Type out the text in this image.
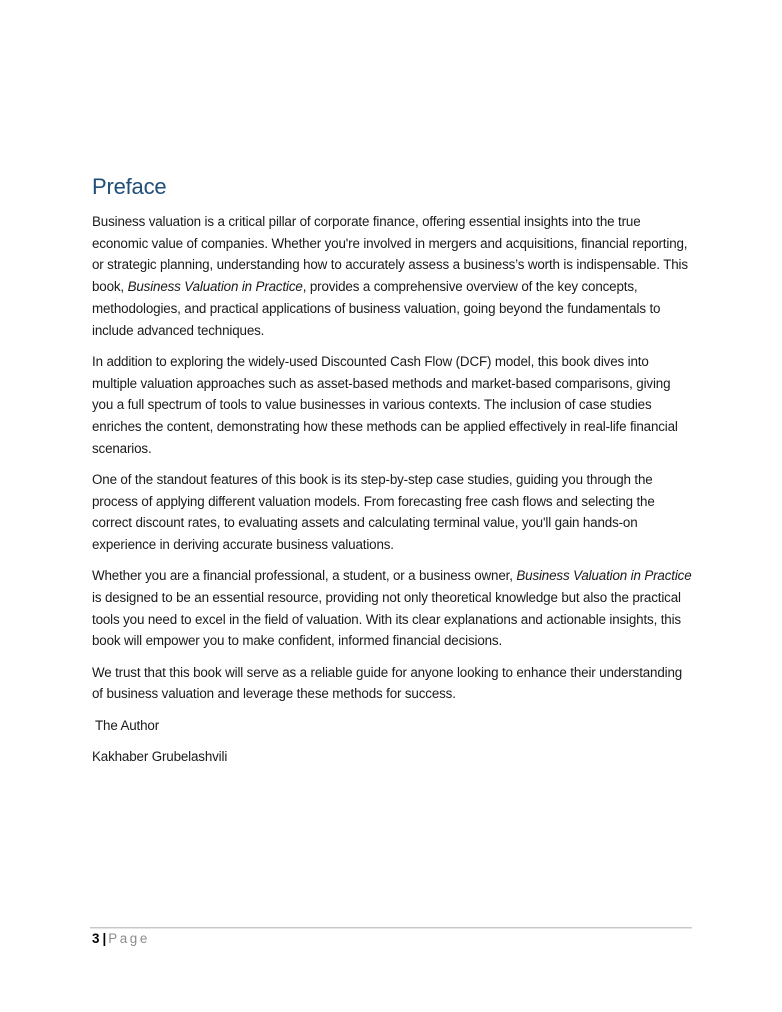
Preface

Business valuation is a critical pillar of corporate finance, offering essential insights into the true economic value of companies. Whether you're involved in mergers and acquisitions, financial reporting, or strategic planning, understanding how to accurately assess a business’s worth is indispensable. This book, Business Valuation in Practice, provides a comprehensive overview of the key concepts, methodologies, and practical applications of business valuation, going beyond the fundamentals to include advanced techniques.

In addition to exploring the widely-used Discounted Cash Flow (DCF) model, this book dives into multiple valuation approaches such as asset-based methods and market-based comparisons, giving you a full spectrum of tools to value businesses in various contexts. The inclusion of case studies enriches the content, demonstrating how these methods can be applied effectively in real-life financial scenarios.

One of the standout features of this book is its step-by-step case studies, guiding you through the process of applying different valuation models. From forecasting free cash flows and selecting the correct discount rates, to evaluating assets and calculating terminal value, you'll gain hands-on experience in deriving accurate business valuations.

Whether you are a financial professional, a student, or a business owner, Business Valuation in Practice is designed to be an essential resource, providing not only theoretical knowledge but also the practical tools you need to excel in the field of valuation. With its clear explanations and actionable insights, this book will empower you to make confident, informed financial decisions.

We trust that this book will serve as a reliable guide for anyone looking to enhance their understanding of business valuation and leverage these methods for success.

The Author

Kakhaber Grubelashvili

3 | Page
